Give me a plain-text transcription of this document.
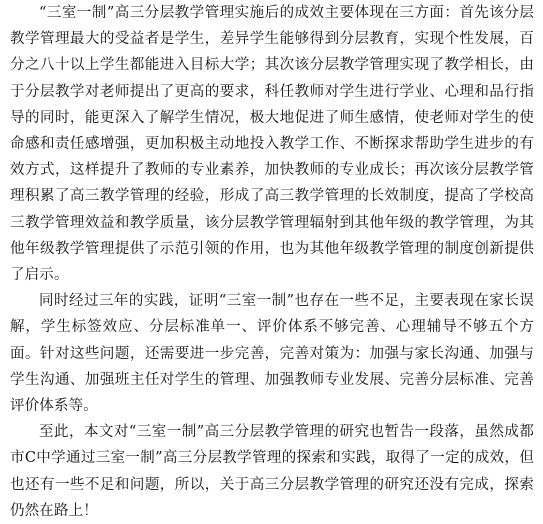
“三室一制”高三分层教学管理实施后的成效主要体现在三方面：首先该分层教学管理最大的受益者是学生，差异学生能够得到分层教育，实现个性发展，百分之八十以上学生都能进入目标大学；其次该分层教学管理实现了教学相长，由于分层教学对老师提出了更高的要求，科任教师对学生进行学业、心理和品行指导的同时，能更深入了解学生情况，极大地促进了师生感情，使老师对学生的使命感和责任感增强，更加积极主动地投入教学工作、不断探求帮助学生进步的有效方式，这样提升了教师的专业素养，加快教师的专业成长；再次该分层教学管理积累了高三教学管理的经验，形成了高三教学管理的长效制度，提高了学校高三教学管理效益和教学质量，该分层教学管理辐射到其他年级的教学管理，为其他年级教学管理提供了示范引领的作用，也为其他年级教学管理的制度创新提供了启示。

同时经过三年的实践，证明“三室一制”也存在一些不足，主要表现在家长误解，学生标签效应、分层标准单一、评价体系不够完善、心理辅导不够五个方面。针对这些问题，还需要进一步完善，完善对策为：加强与家长沟通、加强与学生沟通、加强班主任对学生的管理、加强教师专业发展、完善分层标准、完善评价体系等。

至此，本文对“三室一制”高三分层教学管理的研究也暂告一段落，虽然成都市C中学通过三室一制”高三分层教学管理的探索和实践，取得了一定的成效，但也还有一些不足和问题，所以，关于高三分层教学管理的研究还没有完成，探索仍然在路上！
